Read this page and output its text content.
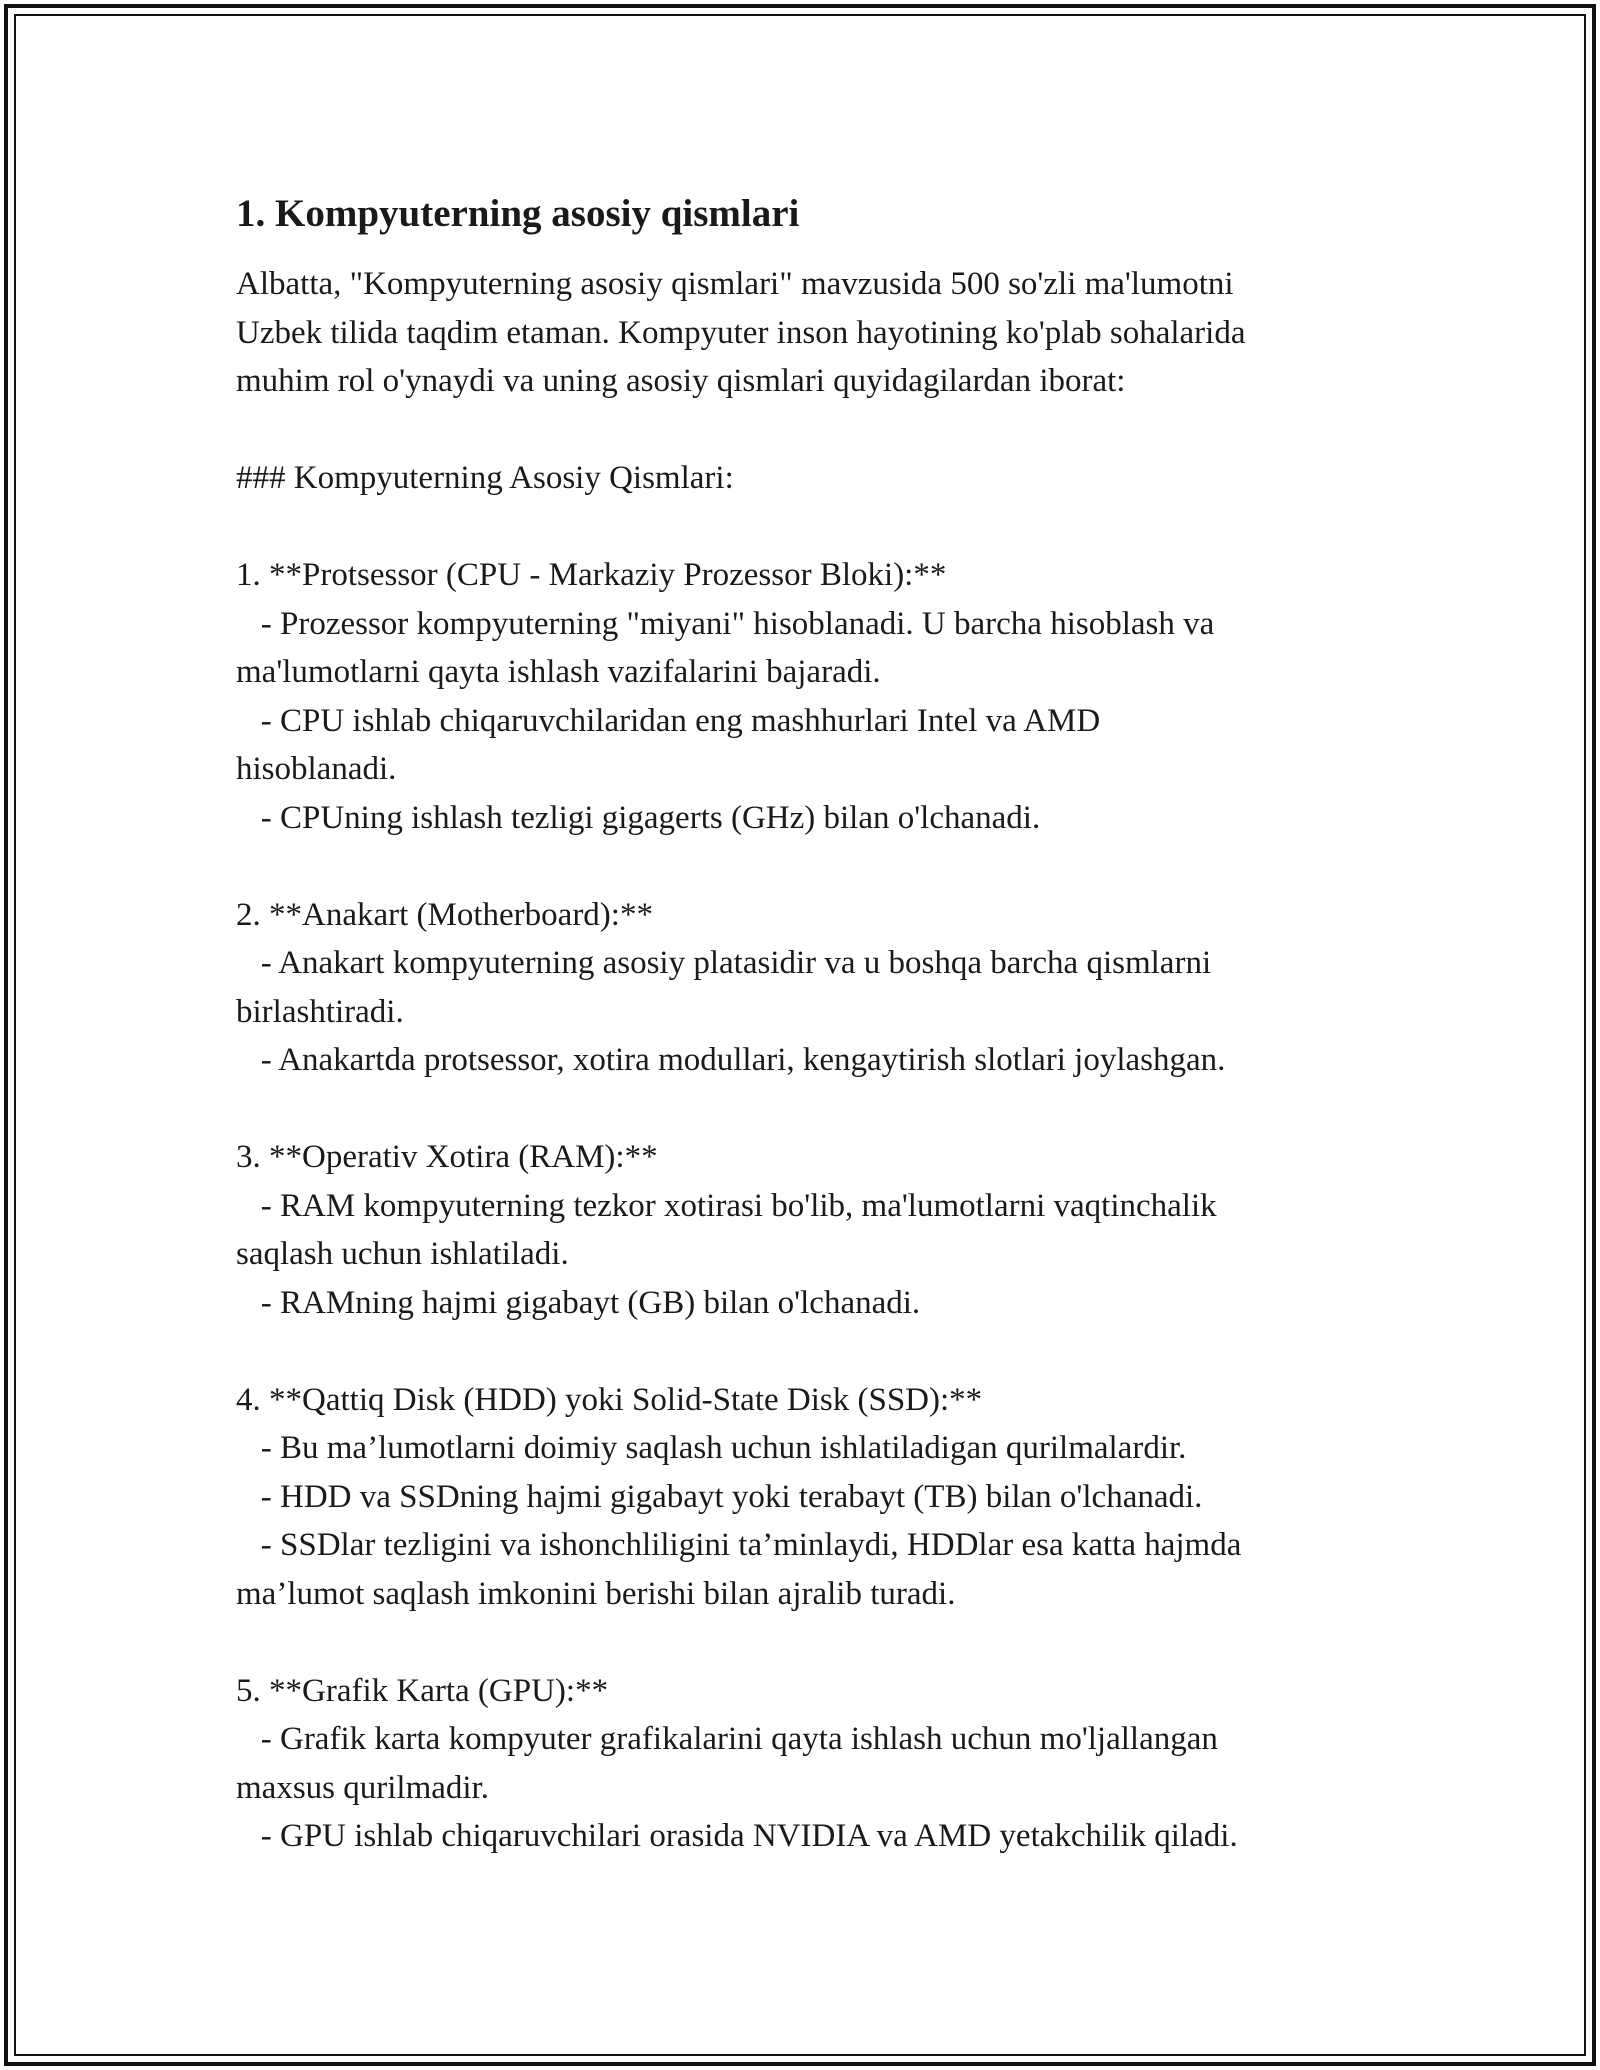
1. Kompyuterning asosiy qismlari

Albatta, "Kompyuterning asosiy qismlari" mavzusida 500 so'zli ma'lumotni
Uzbek tilida taqdim etaman. Kompyuter inson hayotining ko'plab sohalarida
muhim rol o'ynaydi va uning asosiy qismlari quyidagilardan iborat:

### Kompyuterning Asosiy Qismlari:

1. **Protsessor (CPU - Markaziy Prozessor Bloki):**
- Prozessor kompyuterning "miyani" hisoblanadi. U barcha hisoblash va
ma'lumotlarni qayta ishlash vazifalarini bajaradi.
- CPU ishlab chiqaruvchilaridan eng mashhurlari Intel va AMD
hisoblanadi.
- CPUning ishlash tezligi gigagerts (GHz) bilan o'lchanadi.

2. **Anakart (Motherboard):**
- Anakart kompyuterning asosiy platasidir va u boshqa barcha qismlarni
birlashtiradi.
- Anakartda protsessor, xotira modullari, kengaytirish slotlari joylashgan.

3. **Operativ Xotira (RAM):**
- RAM kompyuterning tezkor xotirasi bo'lib, ma'lumotlarni vaqtinchalik
saqlash uchun ishlatiladi.
- RAMning hajmi gigabayt (GB) bilan o'lchanadi.

4. **Qattiq Disk (HDD) yoki Solid-State Disk (SSD):**
- Bu ma’lumotlarni doimiy saqlash uchun ishlatiladigan qurilmalardir.
- HDD va SSDning hajmi gigabayt yoki terabayt (TB) bilan o'lchanadi.
- SSDlar tezligini va ishonchliligini ta’minlaydi, HDDlar esa katta hajmda
ma’lumot saqlash imkonini berishi bilan ajralib turadi.

5. **Grafik Karta (GPU):**
- Grafik karta kompyuter grafikalarini qayta ishlash uchun mo'ljallangan
maxsus qurilmadir.
- GPU ishlab chiqaruvchilari orasida NVIDIA va AMD yetakchilik qiladi.
